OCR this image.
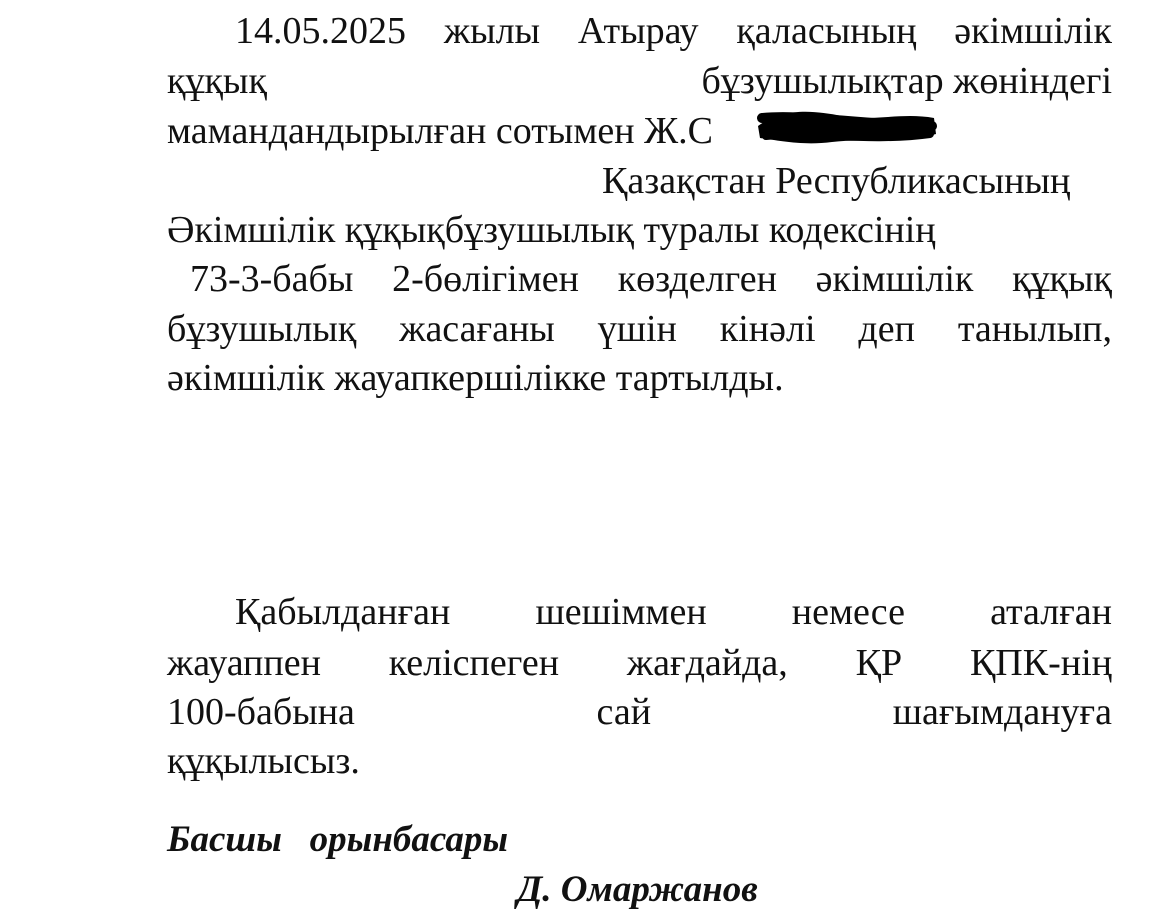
14.05.2025 жылы Атырау қаласының әкімшілік
құқық	бұзушылықтар жөніндегі
мамандандырылған сотымен Ж.С
Қазақстан Республикасының
Әкімшілік құқықбұзушылық туралы кодексінің
73-3-бабы 2-бөлігімен көзделген әкімшілік құқық
бұзушылық жасағаны үшін кінәлі деп танылып,
әкімшілік жауапкершілікке тартылды.
Қабылданған шешіммен немесе аталған
жауаппен келіспеген жағдайда, ҚР ҚПК-нің
100-бабына	сай	шағымдануға
құқылысыз.
Басшы   орынбасары
Д. Омаржанов
